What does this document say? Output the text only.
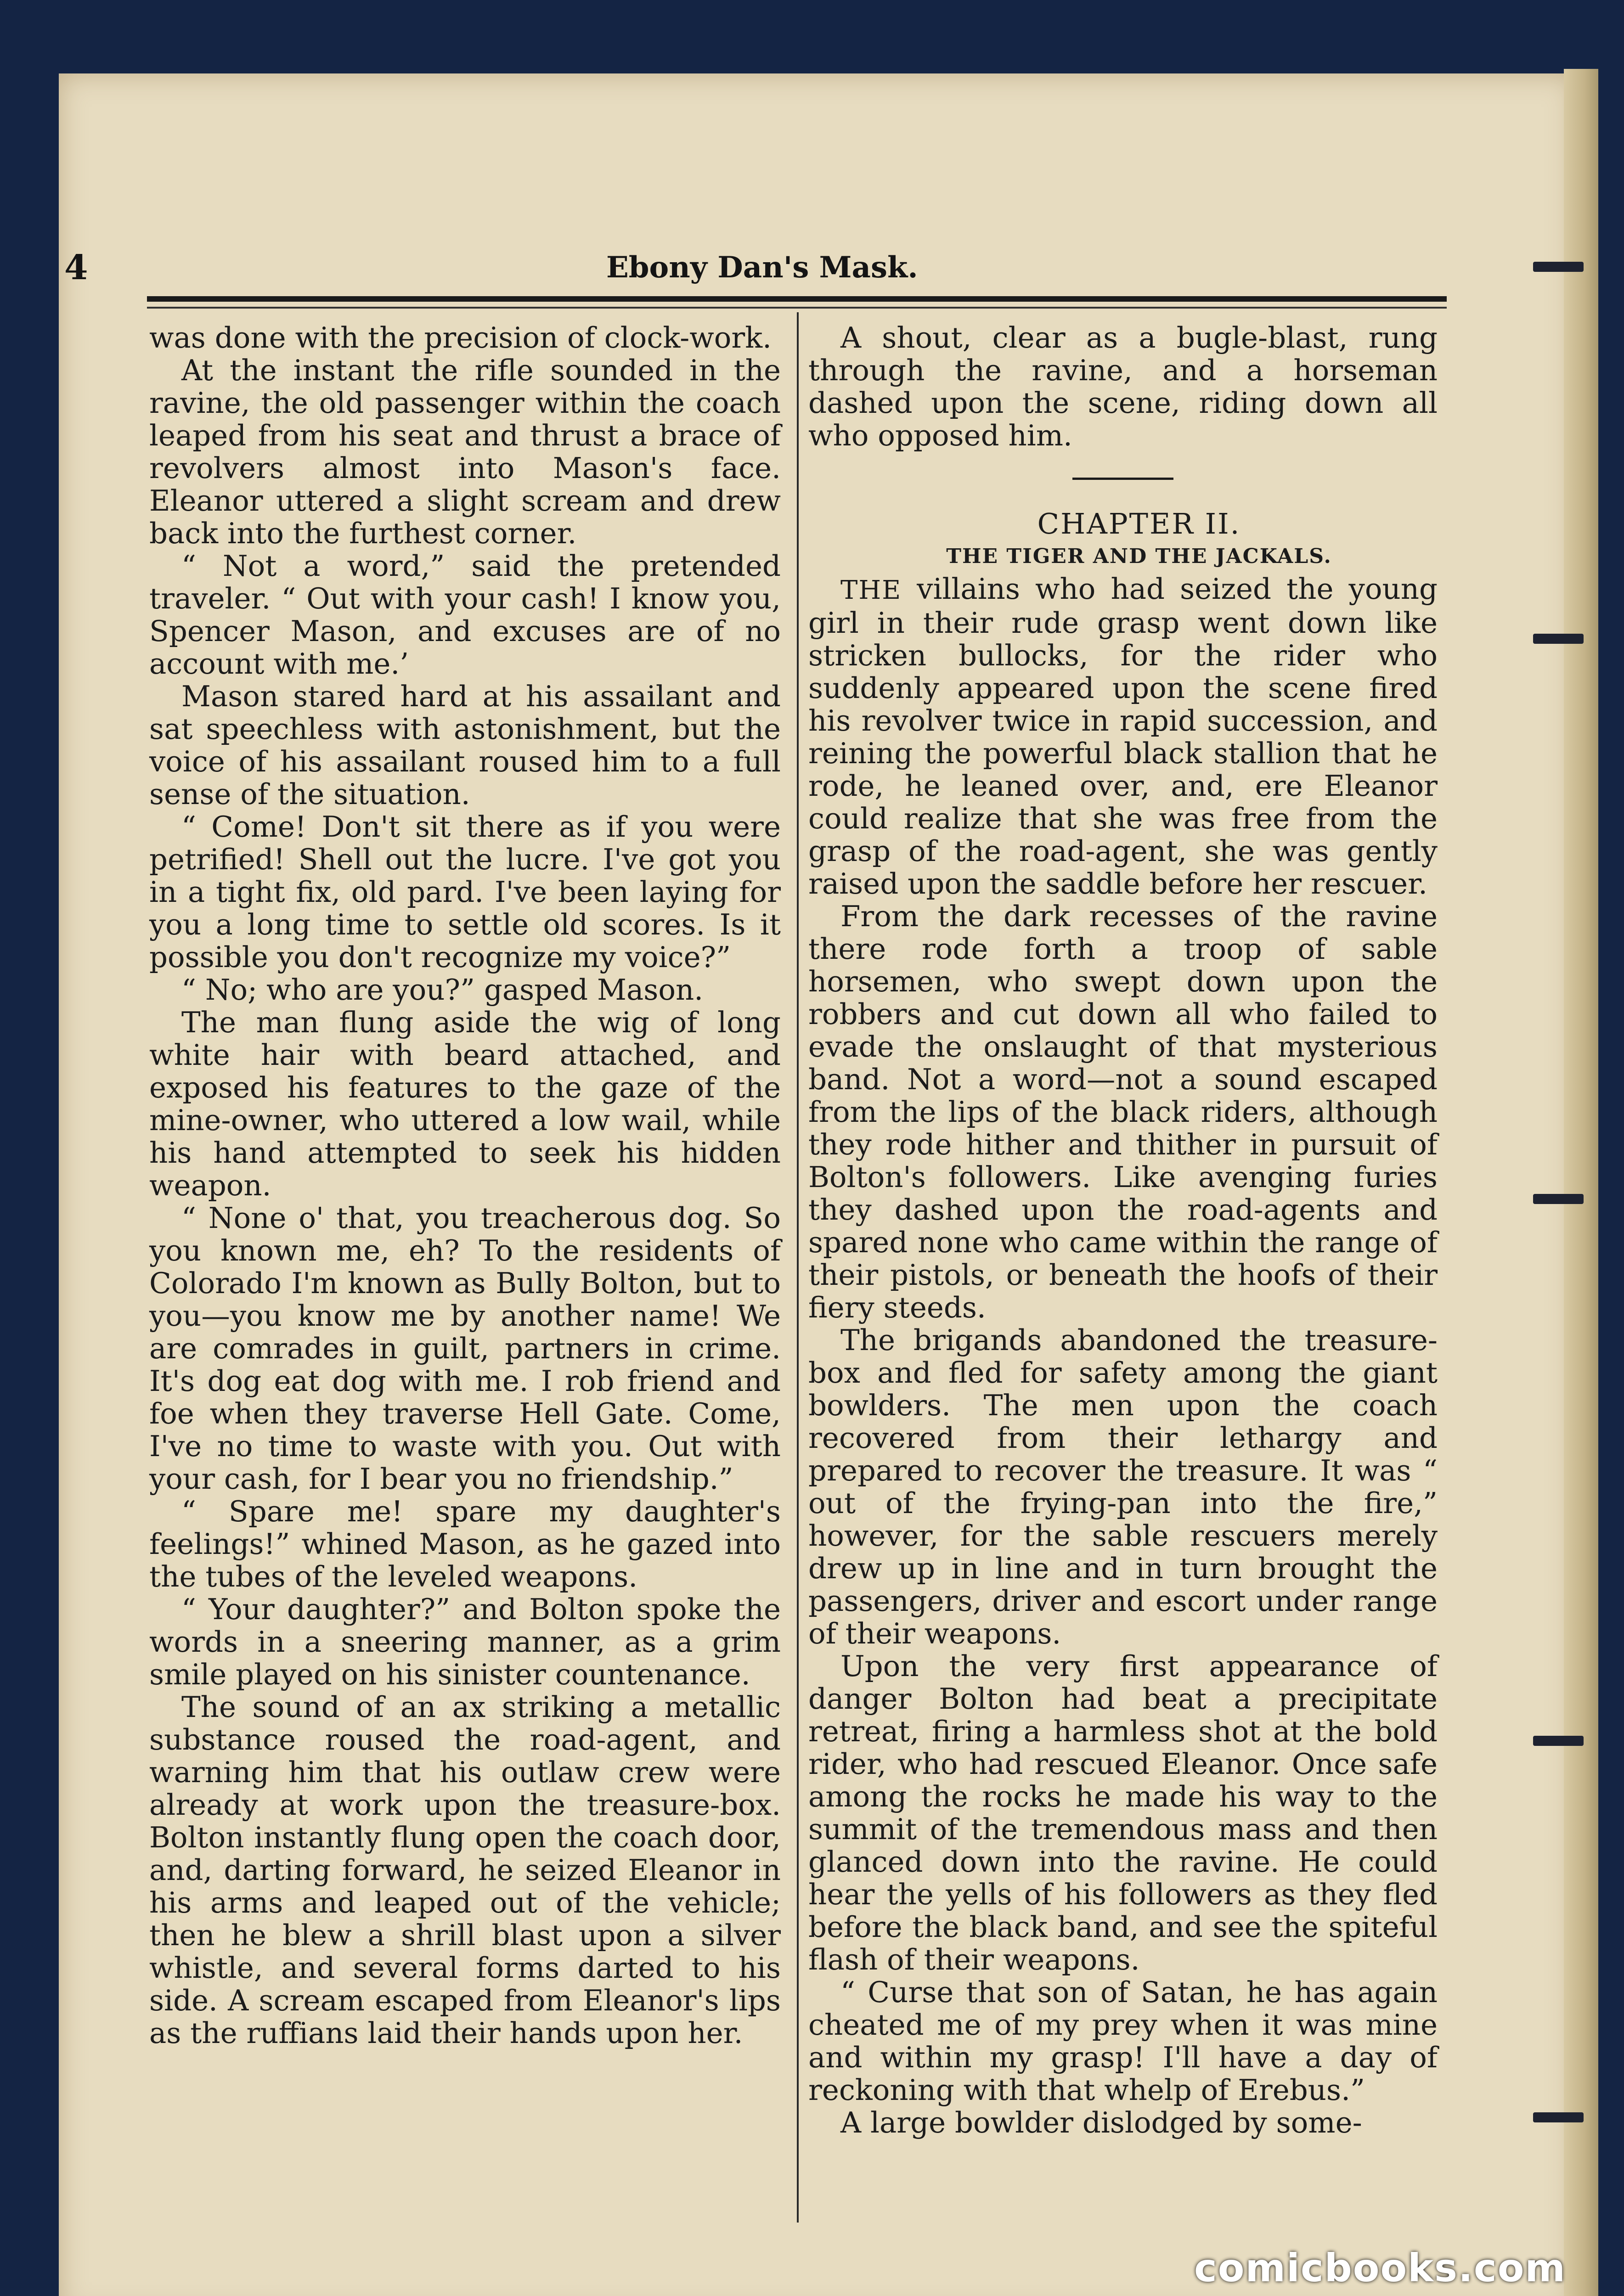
4	Ebony Dan's Mask.

was done with the precision of clock-work.

At the instant the rifle sounded in the ravine, the old passenger within the coach leaped from his seat and thrust a brace of revolvers almost into Mason's face. Eleanor uttered a slight scream and drew back into the furthest corner.

“ Not a word,” said the pretended traveler. “ Out with your cash! I know you, Spencer Mason, and excuses are of no account with me.’

Mason stared hard at his assailant and sat speechless with astonishment, but the voice of his assailant roused him to a full sense of the situation.

“ Come! Don't sit there as if you were petrified! Shell out the lucre. I've got you in a tight fix, old pard. I've been laying for you a long time to settle old scores. Is it possible you don't recognize my voice?”

“ No; who are you?” gasped Mason.

The man flung aside the wig of long white hair with beard attached, and exposed his features to the gaze of the mine-owner, who uttered a low wail, while his hand attempted to seek his hidden weapon.

“ None o' that, you treacherous dog. So you known me, eh? To the residents of Colorado I'm known as Bully Bolton, but to you—you know me by another name! We are comrades in guilt, partners in crime. It's dog eat dog with me. I rob friend and foe when they traverse Hell Gate. Come, I've no time to waste with you. Out with your cash, for I bear you no friendship.”

“ Spare me! spare my daughter's feelings!” whined Mason, as he gazed into the tubes of the leveled weapons.

“ Your daughter?” and Bolton spoke the words in a sneering manner, as a grim smile played on his sinister countenance.

The sound of an ax striking a metallic substance roused the road-agent, and warning him that his outlaw crew were already at work upon the treasure-box. Bolton instantly flung open the coach door, and, darting forward, he seized Eleanor in his arms and leaped out of the vehicle; then he blew a shrill blast upon a silver whistle, and several forms darted to his side. A scream escaped from Eleanor's lips as the ruffians laid their hands upon her.

A shout, clear as a bugle-blast, rung through the ravine, and a horseman dashed upon the scene, riding down all who opposed him.

CHAPTER II.

THE TIGER AND THE JACKALS.

THE villains who had seized the young girl in their rude grasp went down like stricken bullocks, for the rider who suddenly appeared upon the scene fired his revolver twice in rapid succession, and reining the powerful black stallion that he rode, he leaned over, and, ere Eleanor could realize that she was free from the grasp of the road-agent, she was gently raised upon the saddle before her rescuer.

From the dark recesses of the ravine there rode forth a troop of sable horsemen, who swept down upon the robbers and cut down all who failed to evade the onslaught of that mysterious band. Not a word—not a sound escaped from the lips of the black riders, although they rode hither and thither in pursuit of Bolton's followers. Like avenging furies they dashed upon the road-agents and spared none who came within the range of their pistols, or beneath the hoofs of their fiery steeds.

The brigands abandoned the treasure-box and fled for safety among the giant bowlders. The men upon the coach recovered from their lethargy and prepared to recover the treasure. It was “ out of the frying-pan into the fire,” however, for the sable rescuers merely drew up in line and in turn brought the passengers, driver and escort under range of their weapons.

Upon the very first appearance of danger Bolton had beat a precipitate retreat, firing a harmless shot at the bold rider, who had rescued Eleanor. Once safe among the rocks he made his way to the summit of the tremendous mass and then glanced down into the ravine. He could hear the yells of his followers as they fled before the black band, and see the spiteful flash of their weapons.

“ Curse that son of Satan, he has again cheated me of my prey when it was mine and within my grasp! I'll have a day of reckoning with that whelp of Erebus.”

A large bowlder dislodged by some-

comicbooks.com
